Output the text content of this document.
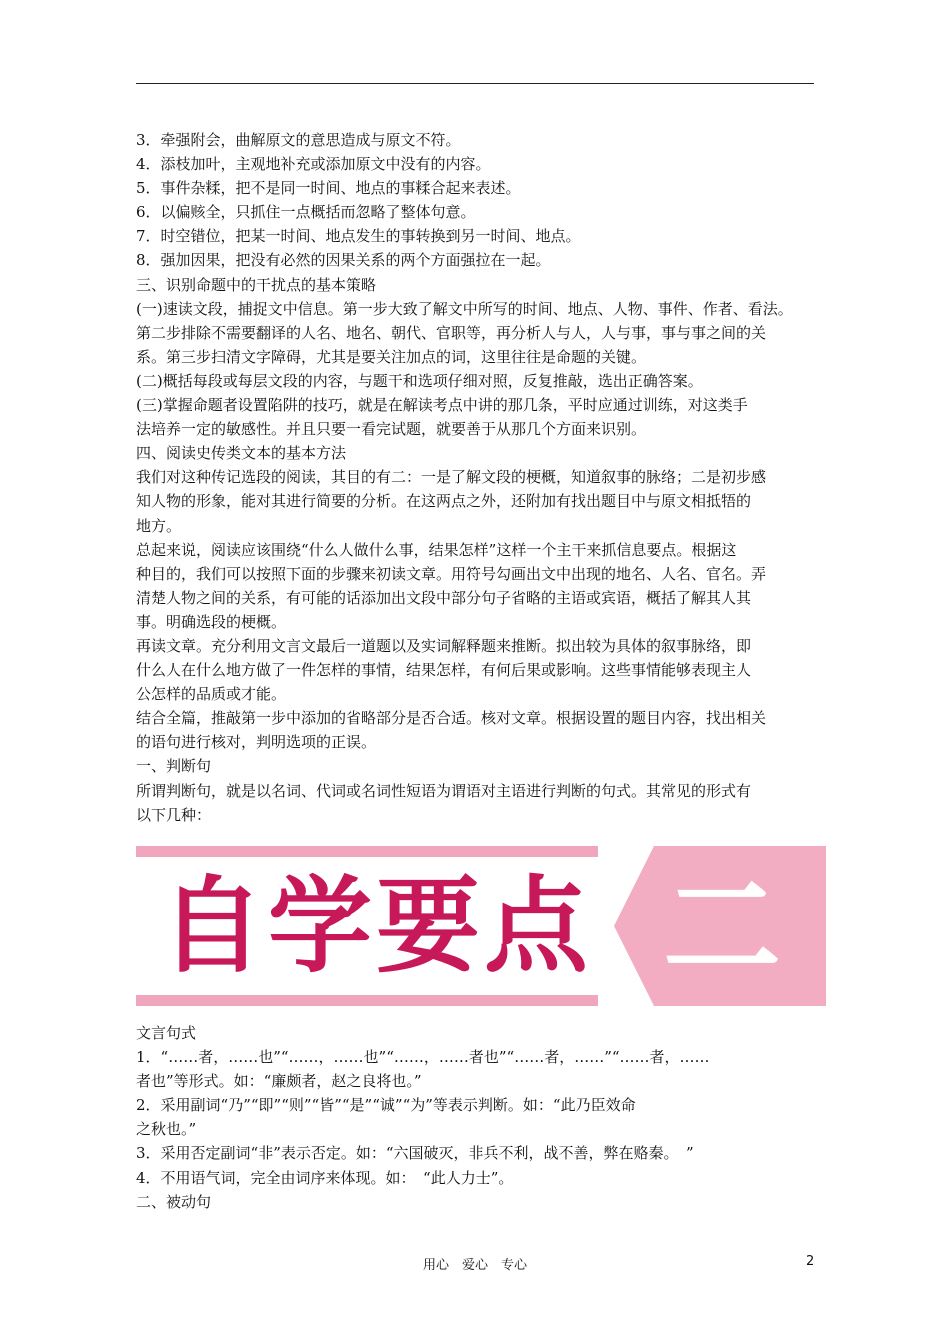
3．牵强附会，曲解原文的意思造成与原文不符。

4．添枝加叶，主观地补充或添加原文中没有的内容。

5．事件杂糅，把不是同一时间、地点的事糅合起来表述。

6．以偏赅全，只抓住一点概括而忽略了整体句意。

7．时空错位，把某一时间、地点发生的事转换到另一时间、地点。

8．强加因果，把没有必然的因果关系的两个方面强拉在一起。

三、识别命题中的干扰点的基本策略

(一)速读文段，捕捉文中信息。第一步大致了解文中所写的时间、地点、人物、事件、作者、看法。

第二步排除不需要翻译的人名、地名、朝代、官职等，再分析人与人，人与事，事与事之间的关

系。第三步扫清文字障碍，尤其是要关注加点的词，这里往往是命题的关键。

(二)概括每段或每层文段的内容，与题干和选项仔细对照，反复推敲，选出正确答案。

(三)掌握命题者设置陷阱的技巧，就是在解读考点中讲的那几条，平时应通过训练，对这类手

法培养一定的敏感性。并且只要一看完试题，就要善于从那几个方面来识别。

四、阅读史传类文本的基本方法

我们对这种传记选段的阅读，其目的有二：一是了解文段的梗概，知道叙事的脉络；二是初步感

知人物的形象，能对其进行简要的分析。在这两点之外，还附加有找出题目中与原文相抵牾的

地方。

总起来说，阅读应该围绕“什么人做什么事，结果怎样”这样一个主干来抓信息要点。根据这

种目的，我们可以按照下面的步骤来初读文章。用符号勾画出文中出现的地名、人名、官名。弄

清楚人物之间的关系，有可能的话添加出文段中部分句子省略的主语或宾语，概括了解其人其

事。明确选段的梗概。

再读文章。充分利用文言文最后一道题以及实词解释题来推断。拟出较为具体的叙事脉络，即

什么人在什么地方做了一件怎样的事情，结果怎样，有何后果或影响。这些事情能够表现主人

公怎样的品质或才能。

结合全篇，推敲第一步中添加的省略部分是否合适。核对文章。根据设置的题目内容，找出相关

的语句进行核对，判明选项的正误。

一、判断句

所谓判断句，就是以名词、代词或名词性短语为谓语对主语进行判断的句式。其常见的形式有

以下几种：

自学要点 二

文言句式

1．“……者，……也”“……，……也”“……，……者也”“……者，……”“……者，……

者也”等形式。如：“廉颇者，赵之良将也。”

2．采用副词“乃”“即”“则”“皆”“是”“诚”“为”等表示判断。如：“此乃臣效命

之秋也。”

3．采用否定副词“非”表示否定。如：“六国破灭，非兵不利，战不善，弊在赂秦。　”

4．不用语气词，完全由词序来体现。如：　“此人力士”。

二、被动句

用心　爱心　专心	2
